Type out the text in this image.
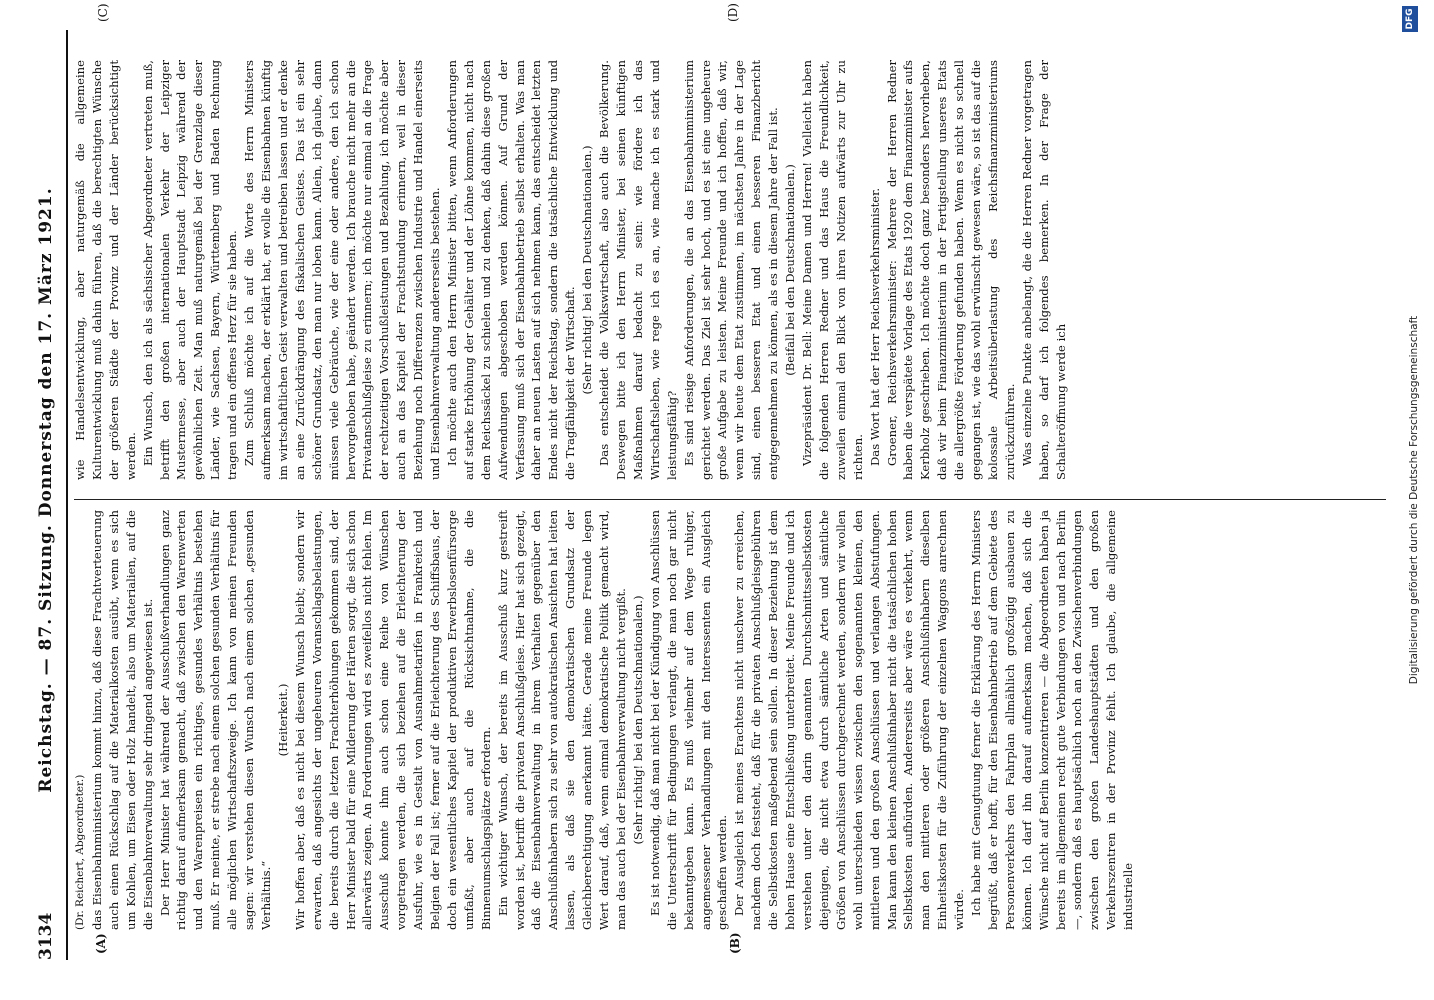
3134
Reichstag. — 87. Sitzung. Donnerstag den 17. März 1921.
(A)	(B)
(C)	(D)

(Dr. Reichert, Abgeordneter.) das Eisenbahnministerium kommt hinzu, daß diese Frachtverteuerung auch einen Rückschlag auf die Materialkosten ausübt, wenn es sich um Kohlen, um Eisen oder Holz handelt, also um Materialien, auf die die Eisenbahnverwaltung sehr dringend angewiesen ist. Der Herr Minister hat während der Ausschußverhandlungen ganz richtig darauf aufmerksam gemacht, daß zwischen den Warenwerten und den Warenpreisen ein richtiges, gesundes Verhältnis bestehen muß. Er meinte, er strebe nach einem solchen gesunden Verhältnis für alle möglichen Wirtschaftszweige. Ich kann von meinen Freunden sagen: wir verstehen diesen Wunsch nach einem solchen „gesunden Verhältnis.“

(Heiterkeit.) Wir hoffen aber, daß es nicht bei diesem Wunsch bleibt; sondern wir erwarten, daß angesichts der ungeheuren Voranschlagsbelastungen, die bereits durch die letzten Frachterhöhungen gekommen sind, der Herr Minister bald für eine Milderung der Härten sorgt, die sich schon allerwärts zeigen. An Forderungen wird es zweifellos nicht fehlen. Im Ausschuß konnte ihm auch schon eine Reihe von Wünschen vorgetragen werden, die sich beziehen auf die Erleichterung der Ausfuhr, wie es in Gestalt von Ausnahmetarifen in Frankreich und Belgien der Fall ist; ferner auf die Erleichterung des Schiffsbaus, der doch ein wesentliches Kapitel der produktiven Erwerbslosenfürsorge umfaßt, aber auch auf die Rücksichtnahme, die die Binnenumschlagsplätze erfordern. Ein wichtiger Wunsch, der bereits im Ausschuß kurz gestreift worden ist, betrifft die privaten Anschlußgleise. Hier hat sich gezeigt, daß die Eisenbahnverwaltung in ihrem Verhalten gegenüber den Anschlußinhabern sich zu sehr von autokratischen Ansichten hat leiten lassen, als daß sie den demokratischen Grundsatz der Gleichberechtigung anerkannt hätte. Gerade meine Freunde legen Wert darauf, daß, wenn einmal demokratische Politik gemacht wird, man das auch bei der Eisenbahnverwaltung nicht vergißt. (Sehr richtig! bei den Deutschnationalen.) Es ist notwendig, daß man nicht bei der Kündigung von Anschlüssen die Unterschrift für Bedingungen verlangt, die man noch gar nicht bekanntgeben kann. Es muß vielmehr auf dem Wege ruhiger, angemessener Verhandlungen mit den Interessenten ein Ausgleich geschaffen werden. Der Ausgleich ist meines Erachtens nicht unschwer zu erreichen, nachdem doch feststeht, daß für die privaten Anschlußgleisgebühren die Selbstkosten maßgebend sein sollen. In dieser Beziehung ist dem hohen Hause eine Entschließung unterbreitet. Meine Freunde und ich verstehen unter den darin genannten Durchschnittsselbstkosten diejenigen, die nicht etwa durch sämtliche Arten und sämtliche Größen von Anschlüssen durchgerechnet werden, sondern wir wollen wohl unterschieden wissen zwischen den sogenannten kleinen, den mittleren und den großen Anschlüssen und verlangen Abstufungen. Man kann den kleinen Anschlußinhaber nicht die tatsächlichen hohen Selbstkosten aufbürden. Andererseits aber wäre es verkehrt, wenn man den mittleren oder größeren Anschlußinhabern dieselben Einheitskosten für die Zuführung der einzelnen Waggons anrechnen würde. Ich habe mit Genugtuung ferner die Erklärung des Herrn Ministers begrüßt, daß er hofft, für den Eisenbahnbetrieb auf dem Gebiete des Personenverkehrs den Fahrplan allmählich großzügig ausbauen zu können. Ich darf ihn darauf aufmerksam machen, daß sich die Wünsche nicht auf Berlin konzentrieren — die Abgeordneten haben ja bereits im allgemeinen recht gute Verbindungen von und nach Berlin —, sondern daß es hauptsächlich noch an den Zwischenverbindungen zwischen den großen Landeshauptstädten und den großen Verkehrszentren in der Provinz fehlt. Ich glaube, die allgemeine industrielle

wie Handelsentwicklung, aber naturgemäß die allgemeine Kulturentwicklung muß dahin führen, daß die berechtigten Wünsche der größeren Städte der Provinz und der Länder berücksichtigt werden. Ein Wunsch, den ich als sächsischer Abgeordneter vertreten muß, betrifft den großen internationalen Verkehr der Leipziger Mustermesse, aber auch der Hauptstadt Leipzig während der gewöhnlichen Zeit. Man muß naturgemäß bei der Grenzlage dieser Länder, wie Sachsen, Bayern, Württemberg und Baden Rechnung tragen und ein offenes Herz für sie haben. Zum Schluß möchte ich auf die Worte des Herrn Ministers aufmerksam machen, der erklärt hat, er wolle die Eisenbahnen künftig im wirtschaftlichen Geist verwalten und betreiben lassen und er denke an eine Zurückdrängung des fiskalischen Geistes. Das ist ein sehr schöner Grundsatz, den man nur loben kann. Allein, ich glaube, dann müssen viele Gebräuche, wie der eine oder andere, den ich schon hervorgehoben habe, geändert werden. Ich brauche nicht mehr an die Privatanschlußgleise zu erinnern; ich möchte nur einmal an die Frage der rechtzeitigen Vorschußleistungen und Bezahlung, ich möchte aber auch an das Kapitel der Frachtstundung erinnern, weil in dieser Beziehung noch Differenzen zwischen Industrie und Handel einerseits und Eisenbahnverwaltung andererseits bestehen. Ich möchte auch den Herrn Minister bitten, wenn Anforderungen auf starke Erhöhung der Gehälter und der Löhne kommen, nicht nach dem Reichssäckel zu schielen und zu denken, daß dahin diese großen Aufwendungen abgeschoben werden können. Auf Grund der Verfassung muß sich der Eisenbahnbetrieb selbst erhalten. Was man daher an neuen Lasten auf sich nehmen kann, das entscheidet letzten Endes nicht der Reichstag, sondern die tatsächliche Entwicklung und die Tragfähigkeit der Wirtschaft. (Sehr richtig! bei den Deutschnationalen.) Das entscheidet die Volkswirtschaft, also auch die Bevölkerung. Deswegen bitte ich den Herrn Minister, bei seinen künftigen Maßnahmen darauf bedacht zu sein: wie fördere ich das Wirtschaftsleben, wie rege ich es an, wie mache ich es stark und leistungsfähig? Es sind riesige Anforderungen, die an das Eisenbahnministerium gerichtet werden. Das Ziel ist sehr hoch, und es ist eine ungeheure große Aufgabe zu leisten. Meine Freunde und ich hoffen, daß wir, wenn wir heute dem Etat zustimmen, im nächsten Jahre in der Lage sind, einen besseren Etat und einen besseren Finanzbericht entgegennehmen zu können, als es in diesem Jahre der Fall ist. (Beifall bei den Deutschnationalen.) Vizepräsident Dr. Bell: Meine Damen und Herren! Vielleicht haben die folgenden Herren Redner und das Haus die Freundlichkeit, zuweilen einmal den Blick von ihren Notizen aufwärts zur Uhr zu richten. Das Wort hat der Herr Reichsverkehrsminister. Groener, Reichsverkehrsminister: Mehrere der Herren Redner haben die verspätete Vorlage des Etats 1920 dem Finanzminister aufs Kerbholz geschrieben. Ich möchte doch ganz besonders hervorheben, daß wir beim Finanzministerium in der Fertigstellung unseres Etats die allergrößte Förderung gefunden haben. Wenn es nicht so schnell gegangen ist, wie das wohl erwünscht gewesen wäre, so ist das auf die kolossale Arbeitsüberlastung des Reichsfinanzministeriums zurückzuführen. Was einzelne Punkte anbelangt, die die Herren Redner vorgetragen haben, so darf ich folgendes bemerken. In der Frage der Schalteröffnung werde ich	Digitalisierung gefördert durch die Deutsche Forschungsgemeinschaft
DFG
